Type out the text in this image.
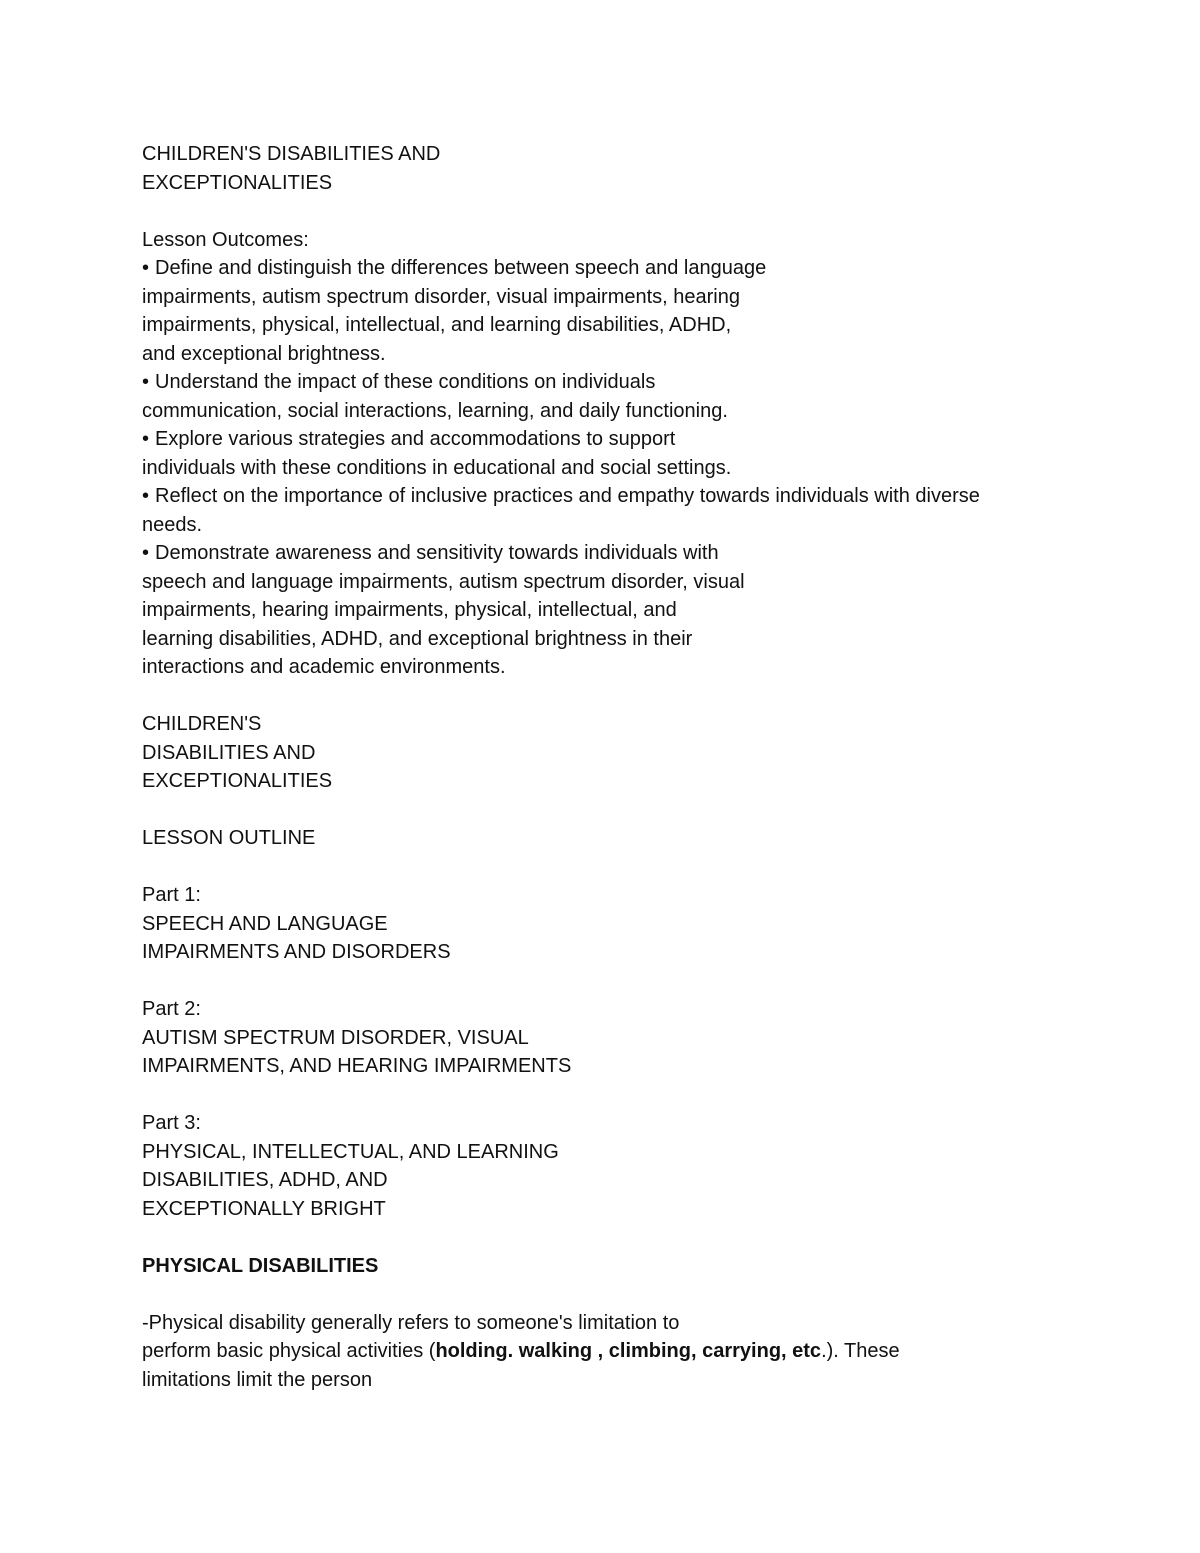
CHILDREN'S DISABILITIES AND
EXCEPTIONALITIES
Lesson Outcomes:
• Define and distinguish the differences between speech and language
impairments, autism spectrum disorder, visual impairments, hearing
impairments, physical, intellectual, and learning disabilities, ADHD,
and exceptional brightness.
• Understand the impact of these conditions on individuals
communication, social interactions, learning, and daily functioning.
• Explore various strategies and accommodations to support
individuals with these conditions in educational and social settings.
• Reflect on the importance of inclusive practices and empathy towards individuals with diverse
needs.
• Demonstrate awareness and sensitivity towards individuals with
speech and language impairments, autism spectrum disorder, visual
impairments, hearing impairments, physical, intellectual, and
learning disabilities, ADHD, and exceptional brightness in their
interactions and academic environments.
CHILDREN'S
DISABILITIES AND
EXCEPTIONALITIES
LESSON OUTLINE
Part 1:
SPEECH AND LANGUAGE
IMPAIRMENTS AND DISORDERS
Part 2:
AUTISM SPECTRUM DISORDER, VISUAL
IMPAIRMENTS, AND HEARING IMPAIRMENTS
Part 3:
PHYSICAL, INTELLECTUAL, AND LEARNING
DISABILITIES, ADHD, AND
EXCEPTIONALLY BRIGHT
PHYSICAL DISABILITIES
-Physical disability generally refers to someone's limitation to
perform basic physical activities (holding. walking , climbing, carrying, etc.). These
limitations limit the person
